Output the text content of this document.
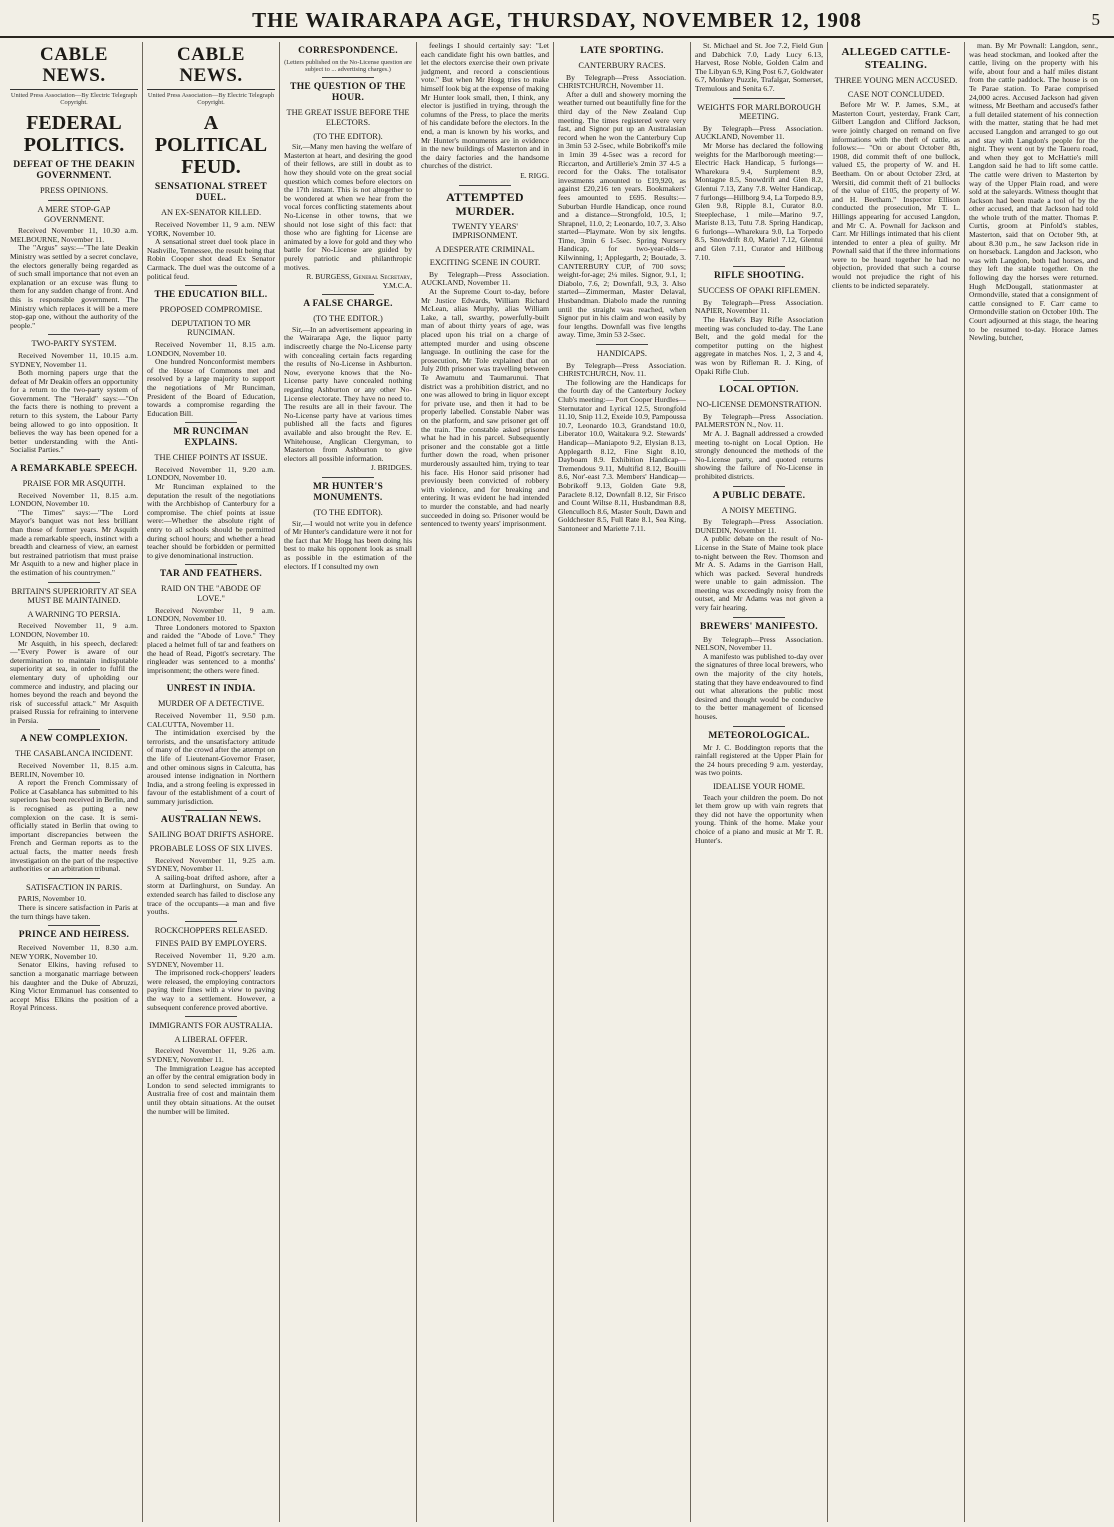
THE WAIRARAPA AGE, THURSDAY, NOVEMBER 12, 1908	5
CABLE NEWS.
United Press Association—By Electric Telegraph Copyright.
FEDERAL POLITICS.
DEFEAT OF THE DEAKIN GOVERNMENT.
PRESS OPINIONS.
A MERE STOP-GAP GOVERNMENT.

Received November 11, 10.30 a.m. MELBOURNE, November 11.

The "Argus" says:—"The late Deakin Ministry was settled by a secret conclave, the electors generally being regarded as of such small importance that not even an explanation or an excuse was flung to them for any sudden change of front. And this is responsible government. The Ministry which replaces it will be a mere stop-gap one, without the authority of the people."

TWO-PARTY SYSTEM.

Received November 11, 10.15 a.m. SYDNEY, November 11.

Both morning papers urge that the defeat of Mr Deakin offers an opportunity for a return to the two-party system of Government. The "Herald" says:—"On the facts there is nothing to prevent a return to this system, the Labour Party being allowed to go into opposition. It believes the way has been opened for a better understanding with the Anti-Socialist Parties."

A REMARKABLE SPEECH.
PRAISE FOR MR ASQUITH.

Received November 11, 8.15 a.m. LONDON, November 10.

"The Times" says:—"The Lord Mayor's banquet was not less brilliant than those of former years. Mr Asquith made a remarkable speech, instinct with a breadth and clearness of view, an earnest but restrained patriotism that must praise Mr Asquith to a new and higher place in the estimation of his countrymen."

BRITAIN'S SUPERIORITY AT SEA MUST BE MAINTAINED.
A WARNING TO PERSIA.

Received November 11, 9 a.m. LONDON, November 10.

Mr Asquith, in his speech, declared:—"Every Power is aware of our determination to maintain indisputable superiority at sea, in order to fulfil the elementary duty of upholding our commerce and industry, and placing our homes beyond the reach and beyond the risk of successful attack." Mr Asquith praised Russia for refraining to intervene in Persia.

A NEW COMPLEXION.
THE CASABLANCA INCIDENT.

Received November 11, 8.15 a.m. BERLIN, November 10.

A report the French Commissary of Police at Casablanca has submitted to his superiors has been received in Berlin, and is recognised as putting a new complexion on the case. It is semi-officially stated in Berlin that owing to important discrepancies between the French and German reports as to the actual facts, the matter needs fresh investigation on the part of the respective authorities or an arbitration tribunal.

SATISFACTION IN PARIS.

PARIS, November 10.

There is sincere satisfaction in Paris at the turn things have taken.

PRINCE AND HEIRESS.

Received November 11, 8.30 a.m. NEW YORK, November 10.

Senator Elkins, having refused to sanction a morganatic marriage between his daughter and the Duke of Abruzzi, King Victor Emmanuel has consented to accept Miss Elkins the position of a Royal Princess.

CABLE NEWS.
United Press Association—By Electric Telegraph Copyright.
A POLITICAL FEUD.
SENSATIONAL STREET DUEL.
AN EX-SENATOR KILLED.

Received November 11, 9 a.m. NEW YORK, November 10.

A sensational street duel took place in Nashville, Tennessee, the result being that Robin Cooper shot dead Ex Senator Carmack. The duel was the outcome of a political feud.

THE EDUCATION BILL.
PROPOSED COMPROMISE.
DEPUTATION TO MR RUNCIMAN.

Received November 11, 8.15 a.m. LONDON, November 10.

One hundred Nonconformist members of the House of Commons met and resolved by a large majority to support the negotiations of Mr Runciman, President of the Board of Education, towards a compromise regarding the Education Bill.

MR RUNCIMAN EXPLAINS.
THE CHIEF POINTS AT ISSUE.

Received November 11, 9.20 a.m. LONDON, November 10.

Mr Runciman explained to the deputation the result of the negotiations with the Archbishop of Canterbury for a compromise. The chief points at issue were:—Whether the absolute right of entry to all schools should be permitted during school hours; and whether a head teacher should be forbidden or permitted to give denominational instruction.

TAR AND FEATHERS.
RAID ON THE "ABODE OF LOVE."

Received November 11, 9 a.m. LONDON, November 10.

Three Londoners motored to Spaxton and raided the "Abode of Love." They placed a helmet full of tar and feathers on the head of Read, Pigott's secretary. The ringleader was sentenced to a months' imprisonment; the others were fined.

UNREST IN INDIA.
MURDER OF A DETECTIVE.

Received November 11, 9.50 p.m. CALCUTTA, November 11.

The intimidation exercised by the terrorists, and the unsatisfactory attitude of many of the crowd after the attempt on the life of Lieutenant-Governor Fraser, and other ominous signs in Calcutta, has aroused intense indignation in Northern India, and a strong feeling is expressed in favour of the establishment of a court of summary jurisdiction.

AUSTRALIAN NEWS.
SAILING BOAT DRIFTS ASHORE.
PROBABLE LOSS OF SIX LIVES.

Received November 11, 9.25 a.m. SYDNEY, November 11.

A sailing-boat drifted ashore, after a storm at Darlinghurst, on Sunday. An extended search has failed to disclose any trace of the occupants—a man and five youths.

ROCKCHOPPERS RELEASED.
FINES PAID BY EMPLOYERS.

Received November 11, 9.20 a.m. SYDNEY, November 11.

The imprisoned rock-choppers' leaders were released, the employing contractors paying their fines with a view to paving the way to a settlement. However, a subsequent conference proved abortive.

IMMIGRANTS FOR AUSTRALIA.
A LIBERAL OFFER.

Received November 11, 9.26 a.m. SYDNEY, November 11.

The Immigration League has accepted an offer by the central emigration body in London to send selected immigrants to Australia free of cost and maintain them until they obtain situations. At the outset the number will be limited.

CORRESPONDENCE.
(Letters published on the No-License question are subject to ... advertising charges.)
THE QUESTION OF THE HOUR.
THE GREAT ISSUE BEFORE THE ELECTORS.
(TO THE EDITOR).

Sir,—Many men having the welfare of Masterton at heart, and desiring the good of their fellows, are still in doubt as to how they should vote on the great social question which comes before electors on the 17th instant. This is not altogether to be wondered at when we hear from the vocal forces conflicting statements about No-License in other towns, that we should not lose sight of this fact: that those who are fighting for License are animated by a love for gold and they who battle for No-License are guided by purely patriotic and philanthropic motives.

R. BURGESS, General Secretary, Y.M.C.A.

A FALSE CHARGE.
(TO THE EDITOR.)

Sir,—In an advertisement appearing in the Wairarapa Age, the liquor party indiscreetly charge the No-License party with concealing certain facts regarding the results of No-License in Ashburton. Now, everyone knows that the No-License party have concealed nothing regarding Ashburton or any other No-License electorate. They have no need to. The results are all in their favour. The No-License party have at various times published all the facts and figures available and also brought the Rev. E. Whitehouse, Anglican Clergyman, to Masterton from Ashburton to give electors all possible information.

J. BRIDGES.

MR HUNTER'S MONUMENTS.
(TO THE EDITOR).

Sir,—I would not write you in defence of Mr Hunter's candidature were it not for the fact that Mr Hogg has been doing his best to make his opponent look as small as possible in the estimation of the electors. If I consulted my own

feelings I should certainly say: "Let each candidate fight his own battles, and let the electors exercise their own private judgment, and record a conscientious vote." But when Mr Hogg tries to make himself look big at the expense of making Mr Hunter look small, then, I think, any elector is justified in trying, through the columns of the Press, to place the merits of his candidate before the electors. In the end, a man is known by his works, and Mr Hunter's monuments are in evidence in the new buildings of Masterton and in the dairy factories and the handsome churches of the district.

E. RIGG.

ATTEMPTED MURDER.
TWENTY YEARS' IMPRISONMENT.
A DESPERATE CRIMINAL.
EXCITING SCENE IN COURT.

By Telegraph—Press Association. AUCKLAND, November 11.

At the Supreme Court to-day, before Mr Justice Edwards, William Richard McLean, alias Murphy, alias William Lake, a tall, swarthy, powerfully-built man of about thirty years of age, was placed upon his trial on a charge of attempted murder and using obscene language. In outlining the case for the prosecution, Mr Tole explained that on July 20th prisoner was travelling between Te Awamutu and Taumarunui. That district was a prohibition district, and no one was allowed to bring in liquor except for private use, and then it had to be properly labelled. Constable Naber was on the platform, and saw prisoner get off the train. The constable asked prisoner what he had in his parcel. Subsequently prisoner and the constable got a little further down the road, when prisoner murderously assaulted him, trying to tear his face. His Honor said prisoner had previously been convicted of robbery with violence, and for breaking and entering. It was evident he had intended to murder the constable, and had nearly succeeded in doing so. Prisoner would be sentenced to twenty years' imprisonment.

LATE SPORTING.
CANTERBURY RACES.

By Telegraph—Press Association. CHRISTCHURCH, November 11.

After a dull and showery morning the weather turned out beautifully fine for the third day of the New Zealand Cup meeting. The times registered were very fast, and Signor put up an Australasian record when he won the Canterbury Cup in 3min 53 2-5sec, while Bobrikoff's mile in 1min 39 4-5sec was a record for Riccarton, and Artillerie's 2min 37 4-5 a record for the Oaks. The totalisator investments amounted to £19,920, as against £20,216 ten years. Bookmakers' fees amounted to £695. Results:— Suburban Hurdle Handicap, once round and a distance—Strongfold, 10.5, 1; Shrapnel, 11.0, 2; Leonardo, 10.7, 3. Also started—Playmate. Won by six lengths. Time, 3min 6 1-5sec. Spring Nursery Handicap, for two-year-olds—Kilwinning, 1; Applegarth, 2; Boutade, 3. CANTERBURY CUP, of 700 sovs; weight-for-age; 2¼ miles. Signor, 9.1, 1; Diabolo, 7.6, 2; Downfall, 9.3, 3. Also started—Zimmerman, Master Delaval, Husbandman. Diabolo made the running until the straight was reached, when Signor put in his claim and won easily by four lengths. Downfall was five lengths away. Time, 3min 53 2-5sec.

HANDICAPS.

By Telegraph—Press Association. CHRISTCHURCH, Nov. 11.

The following are the Handicaps for the fourth day of the Canterbury Jockey Club's meeting:— Port Cooper Hurdles—Sternutator and Lyrical 12.5, Strongfold 11.10, Snip 11.2, Exeide 10.9, Pampoussa 10.7, Leonardo 10.3, Grandstand 10.0, Liberator 10.0, Waitakura 9.2. Stewards' Handicap—Maniapoto 9.2, Elysian 8.13, Applegarth 8.12, Fine Sight 8.10, Dayboam 8.9. Exhibition Handicap—Tremendous 9.11, Multifid 8.12, Bouilli 8.6, Nor'-east 7.3. Members' Handicap—Bobrikoff 9.13, Golden Gate 9.8, Paraclete 8.12, Downfall 8.12, Sir Frisco and Count Wiltse 8.11, Husbandman 8.8, Glenculloch 8.6, Master Soult, Dawn and Goldchester 8.5, Full Rate 8.1, Sea King, Santoneer and Mariette 7.11.

St. Michael and St. Joe 7.2, Field Gun and Dabchick 7.0, Lady Lucy 6.13, Harvest, Rose Noble, Golden Calm and The Libyan 6.9, King Post 6.7, Goldwater 6.7, Monkey Puzzle, Trafalgar, Somerset, Tremulous and Senita 6.7.

WEIGHTS FOR MARLBOROUGH MEETING.

By Telegraph—Press Association. AUCKLAND, November 11.

Mr Morse has declared the following weights for the Marlborough meeting:— Electric Hack Handicap, 5 furlongs—Wharekura 9.4, Surplement 8.9, Montagne 8.5, Snowdrift and Glen 8.2, Glentui 7.13, Zany 7.8. Welter Handicap, 7 furlongs—Hillborg 9.4, La Torpedo 8.9, Glen 9.8, Ripple 8.1, Curator 8.0. Steeplechase, 1 mile—Marino 9.7, Mariste 8.13, Tutu 7.8. Spring Handicap, 6 furlongs—Wharekura 9.0, La Torpedo 8.5, Snowdrift 8.0, Mariel 7.12, Glentui and Glen 7.11, Curator and Hillboug 7.10.

RIFLE SHOOTING.
SUCCESS OF OPAKI RIFLEMEN.

By Telegraph—Press Association. NAPIER, November 11.

The Hawke's Bay Rifle Association meeting was concluded to-day. The Lane Belt, and the gold medal for the competitor putting on the highest aggregate in matches Nos. 1, 2, 3 and 4, was won by Rifleman R. J. King, of Opaki Rifle Club.

LOCAL OPTION.
NO-LICENSE DEMONSTRATION.

By Telegraph—Press Association. PALMERSTON N., Nov. 11.

Mr A. J. Bagnall addressed a crowded meeting to-night on Local Option. He strongly denounced the methods of the No-License party, and quoted returns showing the failure of No-License in prohibited districts.

A PUBLIC DEBATE.
A NOISY MEETING.

By Telegraph—Press Association. DUNEDIN, November 11.

A public debate on the result of No-License in the State of Maine took place to-night between the Rev. Thomson and Mr A. S. Adams in the Garrison Hall, which was packed. Several hundreds were unable to gain admission. The meeting was exceedingly noisy from the outset, and Mr Adams was not given a very fair hearing.

BREWERS' MANIFESTO.

By Telegraph—Press Association. NELSON, November 11.

A manifesto was published to-day over the signatures of three local brewers, who own the majority of the city hotels, stating that they have endeavoured to find out what alterations the public most desired and thought would be conducive to the better management of licensed houses.

METEOROLOGICAL.

Mr J. C. Boddington reports that the rainfall registered at the Upper Plain for the 24 hours preceding 9 a.m. yesterday, was two points.

IDEALISE YOUR HOME.

Teach your children the poem. Do not let them grow up with vain regrets that they did not have the opportunity when young. Think of the home. Make your choice of a piano and music at Mr T. R. Hunter's.

ALLEGED CATTLE-STEALING.
THREE YOUNG MEN ACCUSED.
CASE NOT CONCLUDED.

Before Mr W. P. James, S.M., at Masterton Court, yesterday, Frank Carr, Gilbert Langdon and Clifford Jackson, were jointly charged on remand on five informations with the theft of cattle, as follows:— "On or about October 8th, 1908, did commit theft of one bullock, valued £5, the property of W. and H. Beetham. On or about October 23rd, at Wersiti, did commit theft of 21 bullocks of the value of £105, the property of W. and H. Beetham." Inspector Ellison conducted the prosecution, Mr T. L. Hillings appearing for accused Langdon, and Mr C. A. Pownall for Jackson and Carr. Mr Hillings intimated that his client intended to enter a plea of guilty. Mr Pownall said that if the three informations were to be heard together he had no objection, provided that such a course would not prejudice the right of his clients to be indicted separately.

man. By Mr Pownall: Langdon, senr., was head stockman, and looked after the cattle, living on the property with his wife, about four and a half miles distant from the cattle paddock. The house is on Te Parae station. To Parae comprised 24,000 acres. Accused Jackson had given witness, Mr Beetham and accused's father a full detailed statement of his connection with the matter, stating that he had met accused Langdon and arranged to go out and stay with Langdon's people for the night. They went out by the Taueru road, and when they got to McHattie's mill Langdon said he had to lift some cattle. The cattle were driven to Masterton by way of the Upper Plain road, and were sold at the saleyards. Witness thought that Jackson had been made a tool of by the other accused, and that Jackson had told the whole truth of the matter. Thomas P. Curtis, groom at Pinfold's stables, Masterton, said that on October 9th, at about 8.30 p.m., he saw Jackson ride in on horseback. Langdon and Jackson, who was with Langdon, both had horses, and they left the stable together. On the following day the horses were returned. Hugh McDougall, stationmaster at Ormondville, stated that a consignment of cattle consigned to F. Carr came to Ormondville station on October 10th. The Court adjourned at this stage, the hearing to be resumed to-day. Horace James Newling, butcher,
